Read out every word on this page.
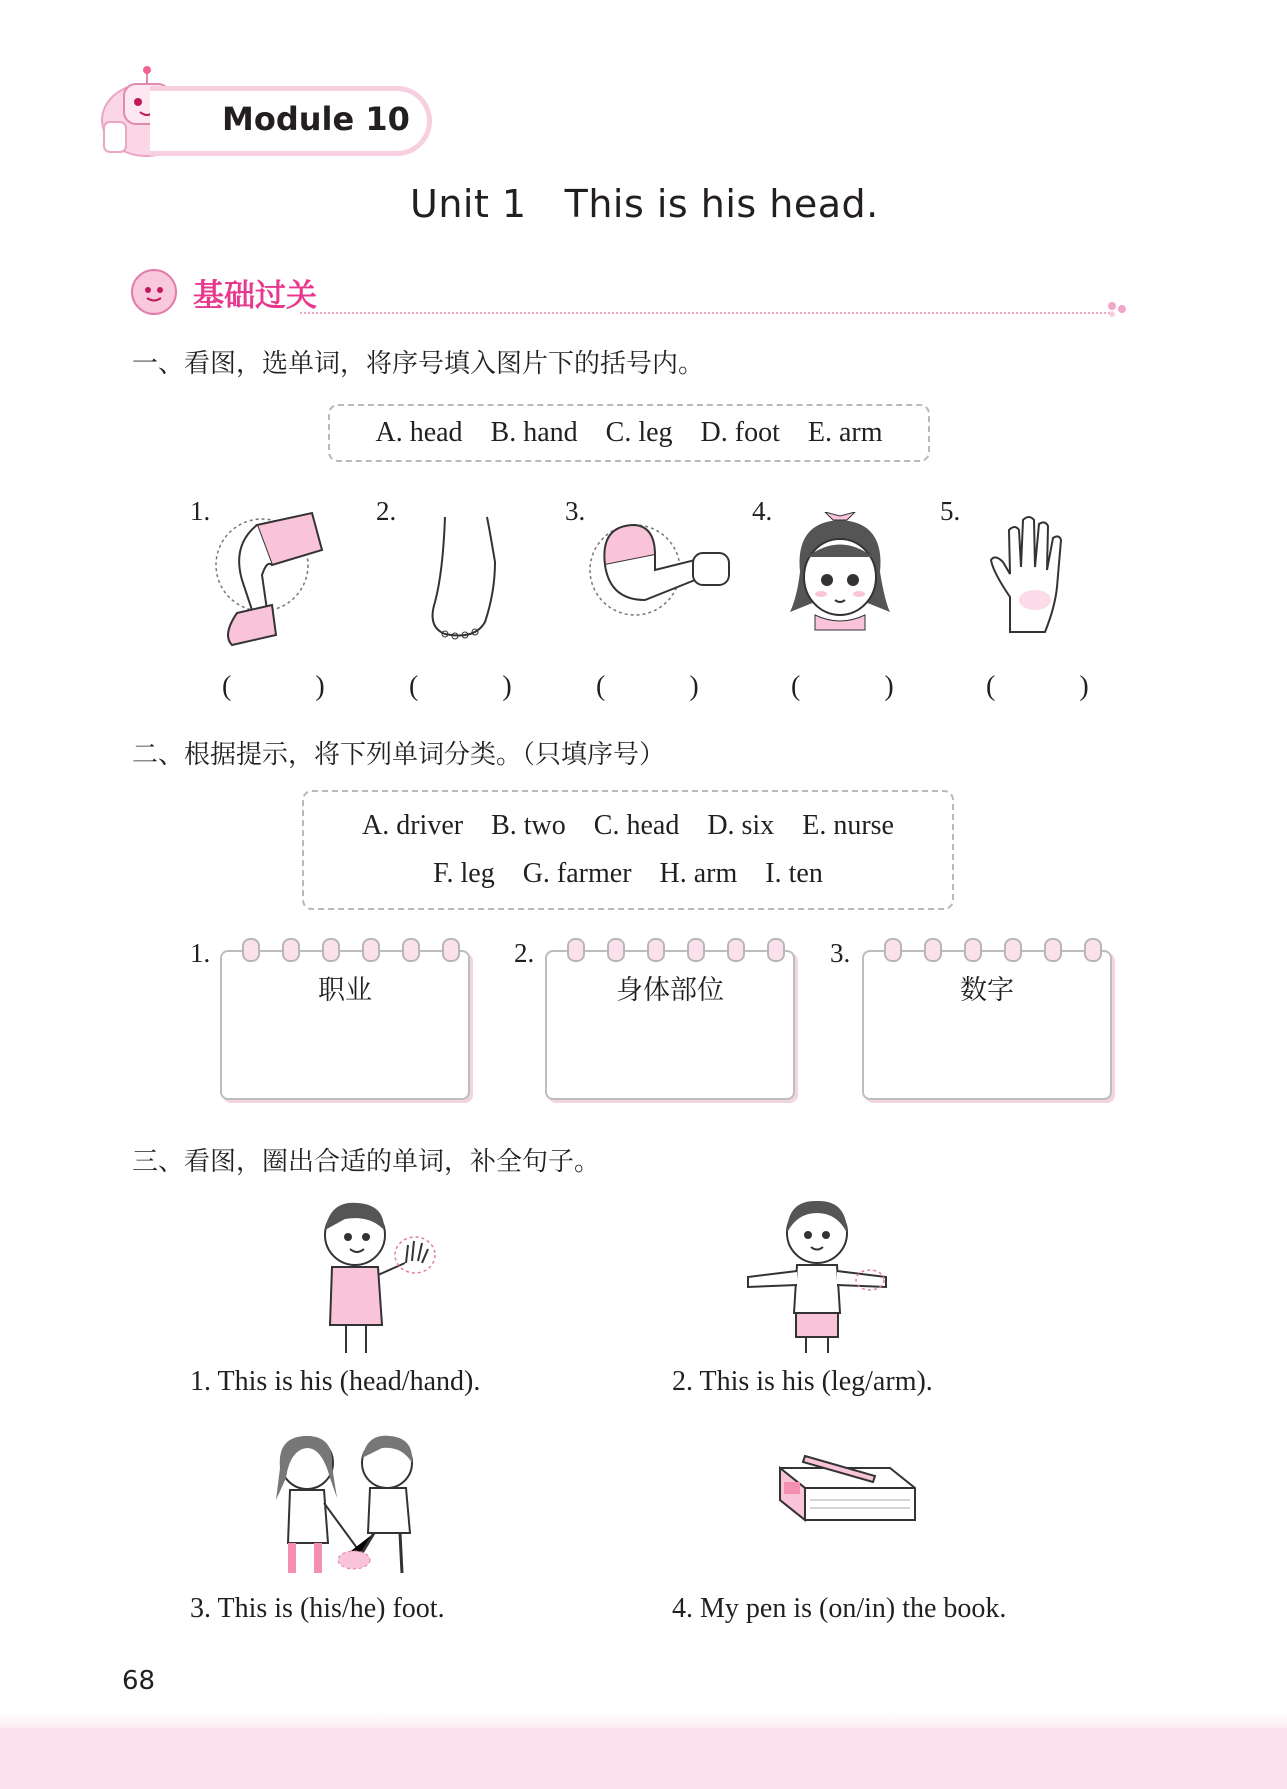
Module 10
Unit 1 This is his head.
基础过关
一、看图，选单词，将序号填入图片下的括号内。
A. head B. hand C. leg D. foot E. arm
1.
(　　　)
2.
(　　　)
3.
(　　　)
4.
(　　　)
5.
(　　　)
二、根据提示，将下列单词分类。（只填序号）
A. driver B. two C. head D. six E. nurse
F. leg G. farmer H. arm I. ten
1.
职业
2.
身体部位
3.
数字
三、看图，圈出合适的单词，补全句子。
1. This is his (head/hand).	2. This is his (leg/arm).
3. This is (his/he) foot.	4. My pen is (on/in) the book.
68
